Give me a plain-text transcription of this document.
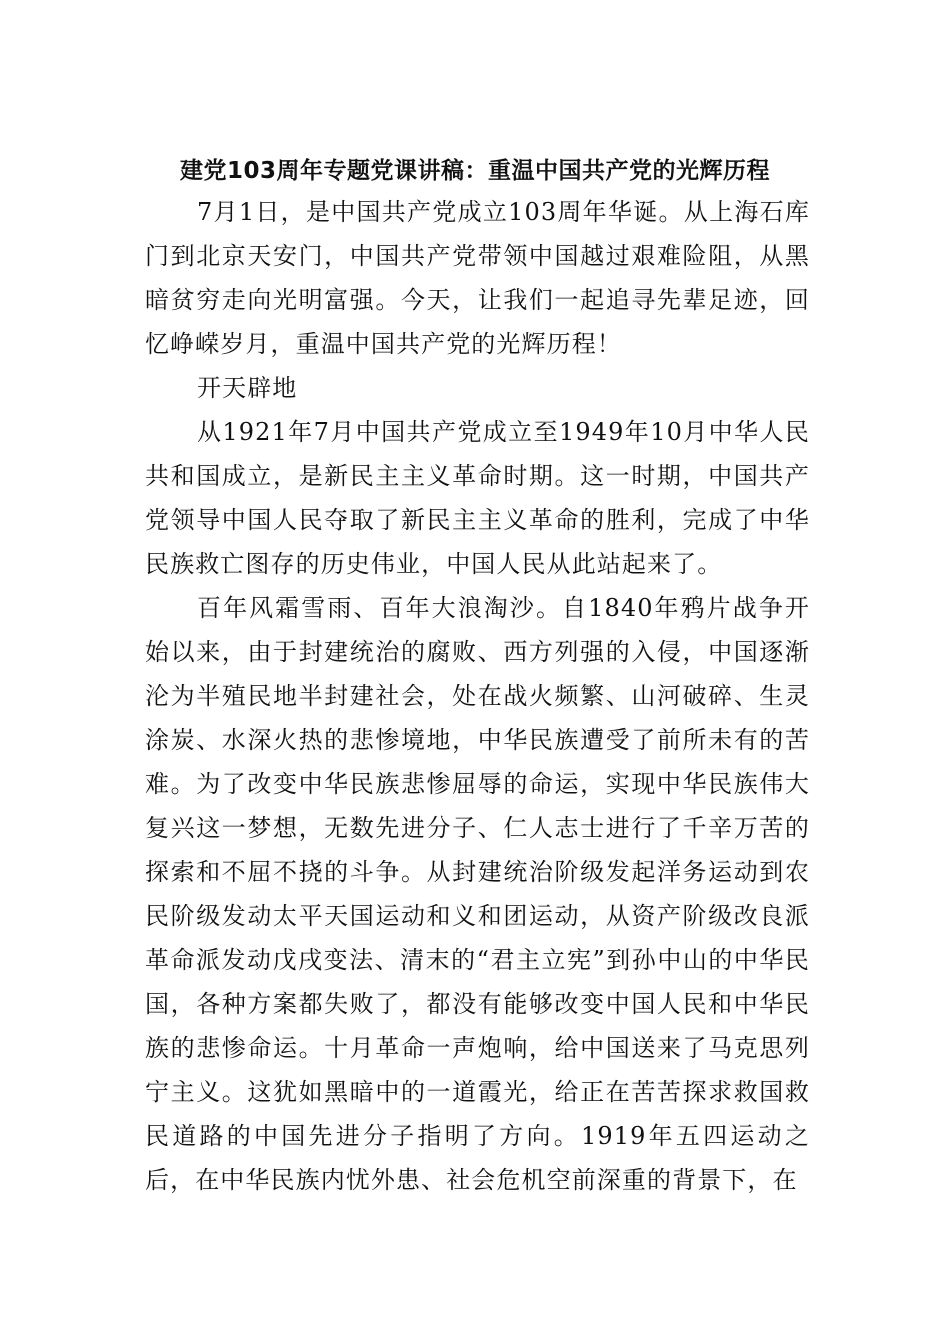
建党103周年专题党课讲稿：重温中国共产党的光辉历程

7月1日，是中国共产党成立103周年华诞。从上海石库门到北京天安门，中国共产党带领中国越过艰难险阻，从黑暗贫穷走向光明富强。今天，让我们一起追寻先辈足迹，回忆峥嵘岁月，重温中国共产党的光辉历程！

开天辟地

从1921年7月中国共产党成立至1949年10月中华人民共和国成立，是新民主主义革命时期。这一时期，中国共产党领导中国人民夺取了新民主主义革命的胜利，完成了中华民族救亡图存的历史伟业，中国人民从此站起来了。

百年风霜雪雨、百年大浪淘沙。自1840年鸦片战争开始以来，由于封建统治的腐败、西方列强的入侵，中国逐渐沦为半殖民地半封建社会，处在战火频繁、山河破碎、生灵涂炭、水深火热的悲惨境地，中华民族遭受了前所未有的苦难。为了改变中华民族悲惨屈辱的命运，实现中华民族伟大复兴这一梦想，无数先进分子、仁人志士进行了千辛万苦的探索和不屈不挠的斗争。从封建统治阶级发起洋务运动到农民阶级发动太平天国运动和义和团运动，从资产阶级改良派革命派发动戊戌变法、清末的“君主立宪”到孙中山的中华民国，各种方案都失败了，都没有能够改变中国人民和中华民族的悲惨命运。十月革命一声炮响，给中国送来了马克思列宁主义。这犹如黑暗中的一道霞光，给正在苦苦探求救国救民道路的中国先进分子指明了方向。1919年五四运动之后，在中华民族内忧外患、社会危机空前深重的背景下，在
